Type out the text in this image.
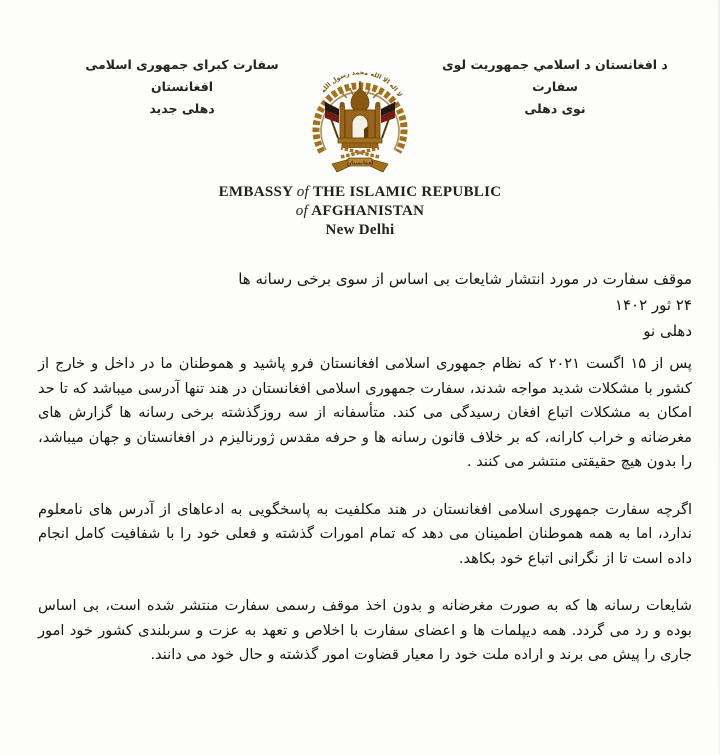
د افغانستان د اسلامي جمهوریت لوی سفارت
نوی دهلی
سفارت کبرای جمهوری اسلامی افغانستان
دهلی جدید
لا اله الا الله محمد رسول الله
افغانستان
EMBASSY of THE ISLAMIC REPUBLIC
of AFGHANISTAN
New Delhi
موقف سفارت در مورد انتشار شایعات بی اساس از سوی برخی رسانه ها
۲۴ ثور ۱۴۰۲
دهلی نو

پس از ۱۵ اگست ۲۰۲۱ که نظام جمهوری اسلامی افغانستان فرو پاشید و هموطنان ما در داخل و خارج از کشور با مشکلات شدید مواجه شدند، سفارت جمهوری اسلامی افغانستان در هند تنها آدرسی میباشد که تا حد امکان به مشکلات اتباع افغان رسیدگی می کند. متأسفانه از سه روزگذشته برخی رسانه ها گزارش های مغرضانه و خراب کارانه، که بر خلاف قانون رسانه ها و حرفه مقدس ژورنالیزم در افغانستان و جهان میباشد، را بدون هیچ حقیقتی منتشر می کنند .

اگرچه سفارت جمهوری اسلامی افغانستان در هند مکلفیت به پاسخگویی به ادعاهای از آدرس های نامعلوم ندارد، اما به همه هموطنان اطمینان می دهد که تمام امورات گذشته و فعلی خود را با شفافیت کامل انجام داده است تا از نگرانی اتباع خود بکاهد.

شایعات رسانه ها که به صورت مغرضانه و بدون اخذ موقف رسمی سفارت منتشر شده است، بی اساس بوده و رد می گردد. همه دیپلمات ها و اعضای سفارت با اخلاص و تعهد به عزت و سربلندی کشور خود امور جاری را پیش می برند و اراده ملت خود را معیار قضاوت امور گذشته و حال خود می دانند.
